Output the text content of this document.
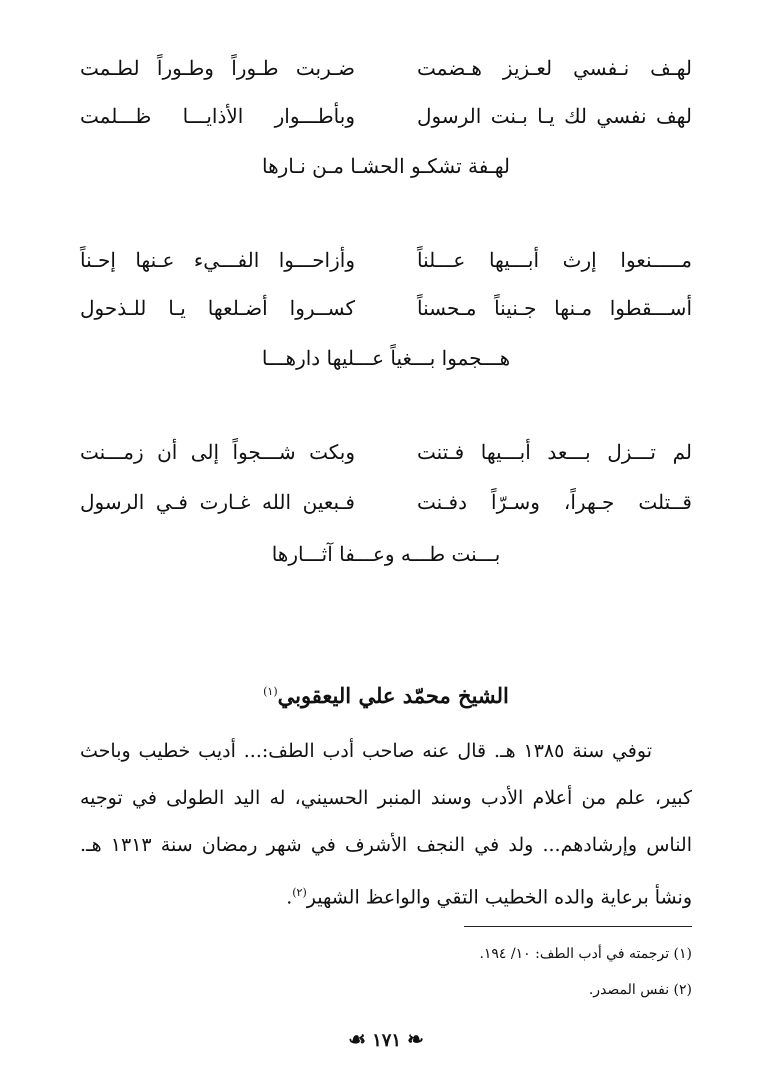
لهـف نـفسي لعـزيز هـضمت
ضـربت طـوراً وطـوراً لطـمت
لهف نفسي لك يـا بـنت الرسول
وبأطـــوار الأذايـــا ظـــلمت
لهـفة تشكـو الحشـا مـن نـارها
مـــــنعوا إرث أبـــيها عـــلناً
وأزاحـــوا الفـــيء عـنها إحـناً
أســـقطوا مـنها جـنيناً مـحسناً
كســروا أضـلعها يـا للـذحول
هـــجموا بـــغياً عـــليها دارهـــا
لم تـــزل بـــعد أبـــيها فـتنت
وبكت شـــجواً إلى أن زمـــنت
قــتلت جـهراً، وسـرّاً دفـنت
فـبعين الله غـارت فـي الرسول
بـــنت طـــه وعـــفا آثـــارها
الشيخ محمّد علي اليعقوبي$^{(١)}$

توفي سنة ١٣٨٥ هـ. قال عنه صاحب أدب الطف:... أديب خطيب وباحث كبير، علم من أعلام الأدب وسند المنبر الحسيني، له اليد الطولى في توجيه الناس وإرشادهم... ولد في النجف الأشرف في شهر رمضان سنة ١٣١٣ هـ. ونشأ برعاية والده الخطيب التقي والواعظ الشهير$^{(٢)}$.

(١) ترجمته في أدب الطف: ١٠/ ١٩٤.
(٢) نفس المصدر.
☙ ١٧١ ❧
